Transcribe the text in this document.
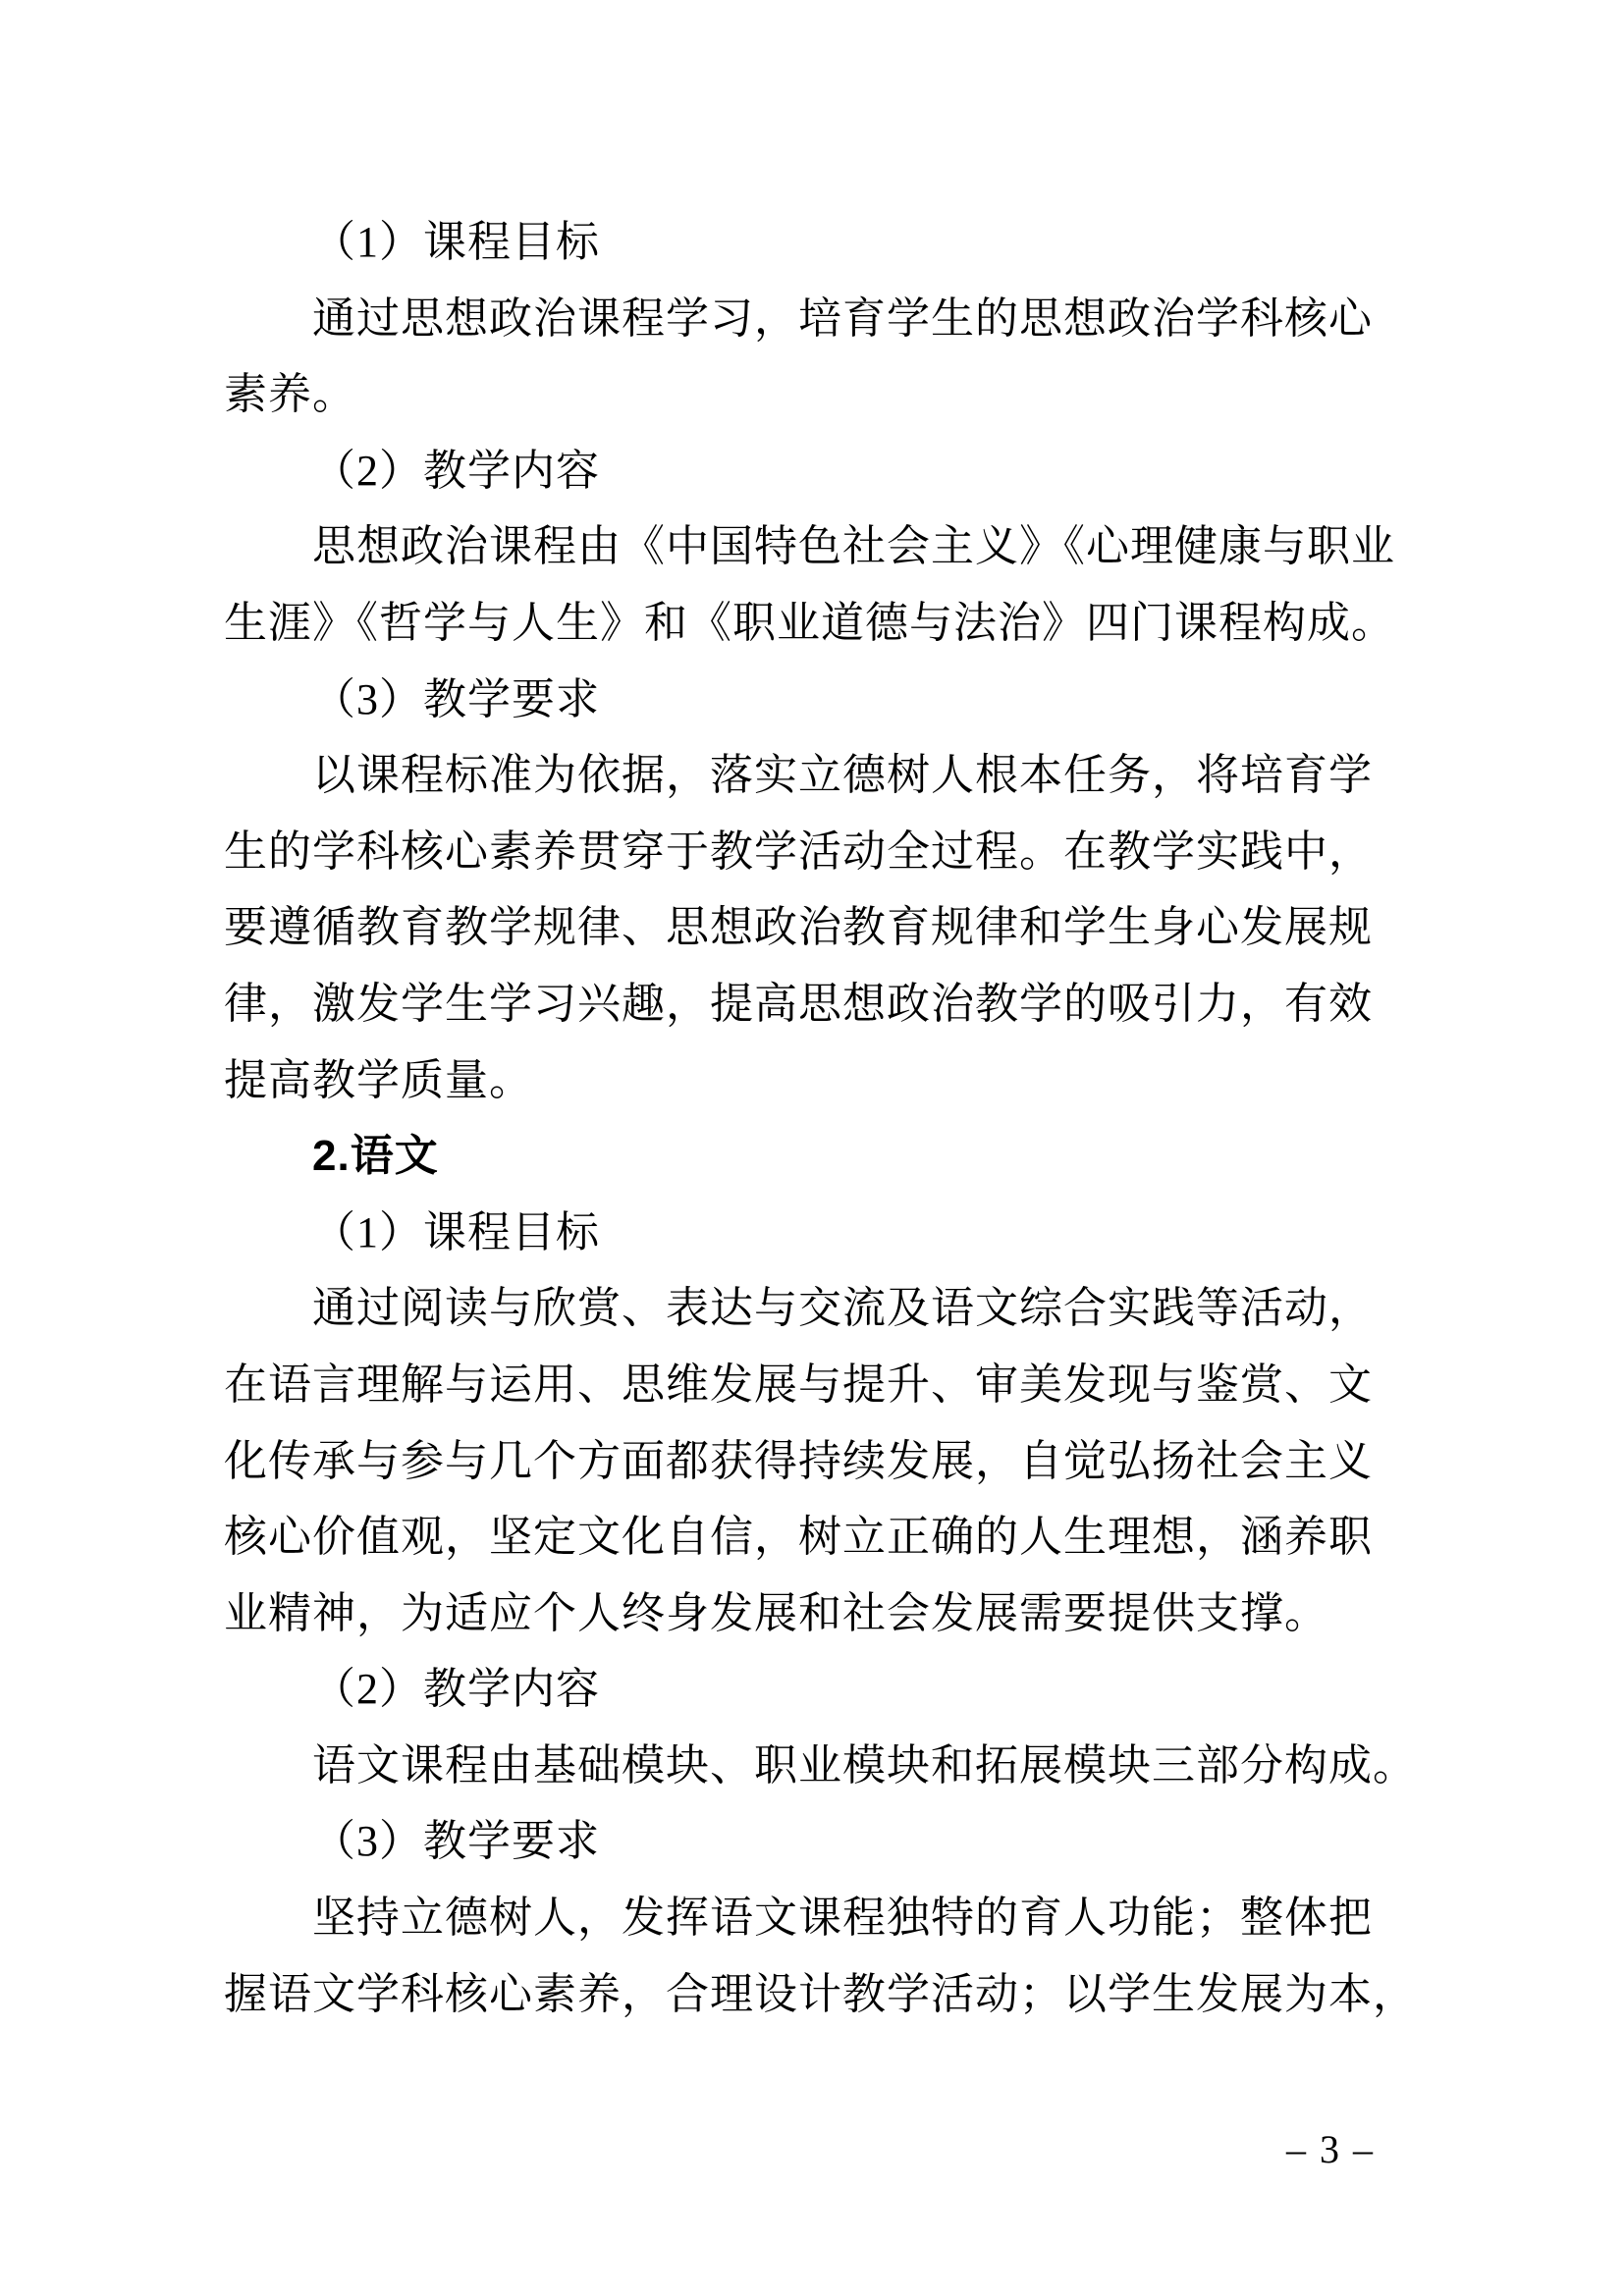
（1）课程目标
通过思想政治课程学习，培育学生的思想政治学科核心
素养。
（2）教学内容
思想政治课程由《中国特色社会主义》《心理健康与职业
生涯》《哲学与人生》和《职业道德与法治》四门课程构成。
（3）教学要求
以课程标准为依据，落实立德树人根本任务，将培育学
生的学科核心素养贯穿于教学活动全过程。在教学实践中，
要遵循教育教学规律、思想政治教育规律和学生身心发展规
律，激发学生学习兴趣，提高思想政治教学的吸引力，有效
提高教学质量。
2.语文
（1）课程目标
通过阅读与欣赏、表达与交流及语文综合实践等活动，
在语言理解与运用、思维发展与提升、审美发现与鉴赏、文
化传承与参与几个方面都获得持续发展，自觉弘扬社会主义
核心价值观，坚定文化自信，树立正确的人生理想，涵养职
业精神，为适应个人终身发展和社会发展需要提供支撑。
（2）教学内容
语文课程由基础模块、职业模块和拓展模块三部分构成。
（3）教学要求
坚持立德树人，发挥语文课程独特的育人功能；整体把
握语文学科核心素养，合理设计教学活动；以学生发展为本，
– 3 –
